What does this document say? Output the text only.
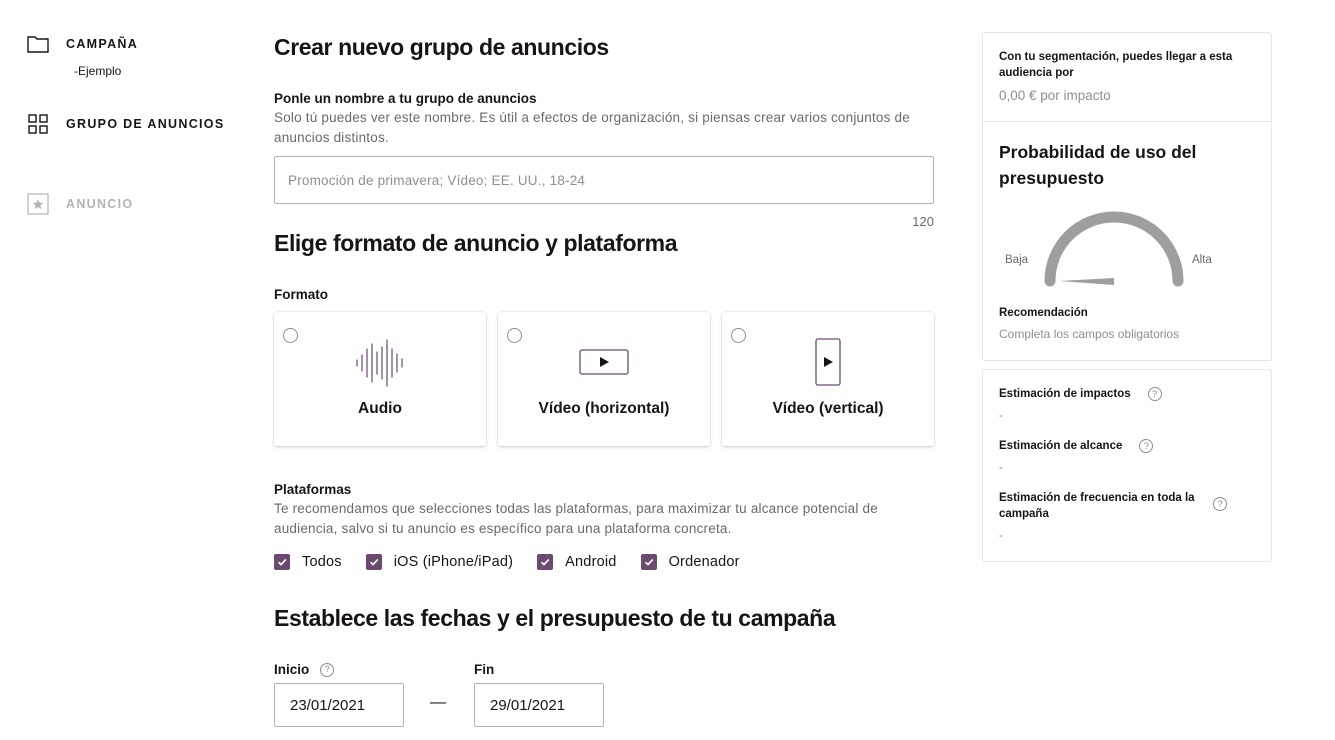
CAMPAÑA
-Ejemplo
GRUPO DE ANUNCIOS
ANUNCIO
Crear nuevo grupo de anuncios
Ponle un nombre a tu grupo de anuncios
Solo tú puedes ver este nombre. Es útil a efectos de organización, si piensas crear varios conjuntos de anuncios distintos.
Promoción de primavera; Vídeo; EE. UU., 18-24
120
Elige formato de anuncio y plataforma
Formato
Audio	Vídeo (horizontal)	Vídeo (vertical)
Plataformas
Te recomendamos que selecciones todas las plataformas, para maximizar tu alcance potencial de audiencia, salvo si tu anuncio es específico para una plataforma concreta.
Todos	iOS (iPhone/iPad)	Android	Ordenador
Establece las fechas y el presupuesto de tu campaña
Inicio	?	Fin
23/01/2021	—	29/01/2021
Con tu segmentación, puedes llegar a esta audiencia por
0,00 € por impacto
Probabilidad de uso del presupuesto
Baja	Alta
Recomendación
Completa los campos obligatorios
Estimación de impactos	?
-
Estimación de alcance	?
-
Estimación de frecuencia en toda la campaña
?
-
